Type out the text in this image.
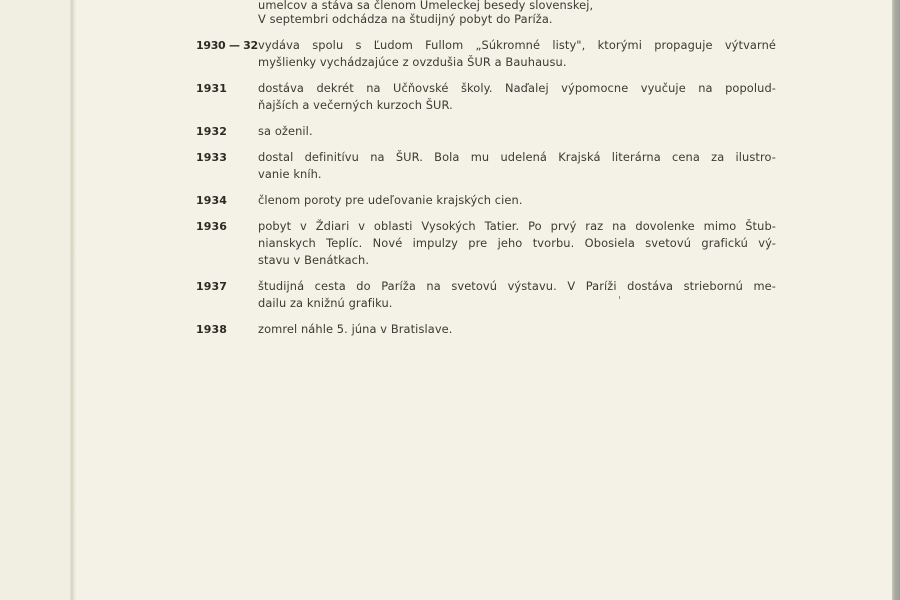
umelcov a stáva sa členom Umeleckej besedy slovenskej,
V septembri odchádza na študijný pobyt do Paríža.
1930 — 32 vydáva spolu s Ľudom Fullom „Súkromné listy", ktorými propaguje výtvarné
myšlienky vychádzajúce z ovzdušia ŠUR a Bauhausu.
1931	dostáva dekrét na Učňovské školy. Naďalej výpomocne vyučuje na popolud-
ňajších a večerných kurzoch ŠUR.
1932	sa oženil.
1933	dostal definitívu na ŠUR. Bola mu udelená Krajská literárna cena za ilustro-
vanie kníh.
1934	členom poroty pre udeľovanie krajských cien.
1936	pobyt v Ždiari v oblasti Vysokých Tatier. Po prvý raz na dovolenke mimo Štub-
nianskych Teplíc. Nové impulzy pre jeho tvorbu. Obosiela svetovú grafickú vý-
stavu v Benátkach.
1937	študijná cesta do Paríža na svetovú výstavu. V Paríži dostáva striebornú me-
dailu za knižnú grafiku.
1938	zomrel náhle 5. júna v Bratislave.
